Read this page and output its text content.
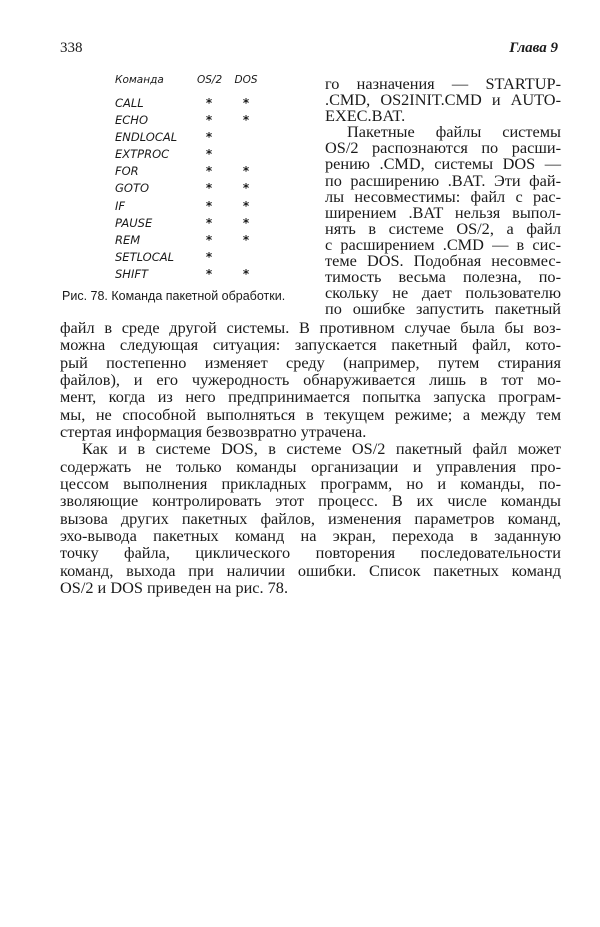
338	Глава 9
Команда	OS/2 DOS
CALL	*	*
ECHO	*	*
ENDLOCAL	*
EXTPROC	*
FOR	*	*
GOTO	*	*
IF	*	*
PAUSE	*	*
REM	*	*
SETLOCAL	*
SHIFT	*	*
Рис. 78. Команда пакетной обработки.
го назначения — STARTUP-
.CMD, OS2INIT.CMD и AUTO-
EXEC.BAT.
Пакетные файлы системы
OS/2 распознаются по расши-
рению .CMD, системы DOS —
по расширению .BAT. Эти фай-
лы несовместимы: файл с рас-
ширением .BAT нельзя выпол-
нять в системе OS/2, а файл
с расширением .CMD — в сис-
теме DOS. Подобная несовмес-
тимость весьма полезна, по-
скольку не дает пользователю
по ошибке запустить пакетный
файл в среде другой системы. В противном случае была бы воз-
можна следующая ситуация: запускается пакетный файл, кото-
рый постепенно изменяет среду (например, путем стирания
файлов), и его чужеродность обнаруживается лишь в тот мо-
мент, когда из него предпринимается попытка запуска програм-
мы, не способной выполняться в текущем режиме; а между тем
стертая информация безвозвратно утрачена.
Как и в системе DOS, в системе OS/2 пакетный файл может
содержать не только команды организации и управления про-
цессом выполнения прикладных программ, но и команды, по-
зволяющие контролировать этот процесс. В их числе команды
вызова других пакетных файлов, изменения параметров команд,
эхо-вывода пакетных команд на экран, перехода в заданную
точку файла, циклического повторения последовательности
команд, выхода при наличии ошибки. Список пакетных команд
OS/2 и DOS приведен на рис. 78.
